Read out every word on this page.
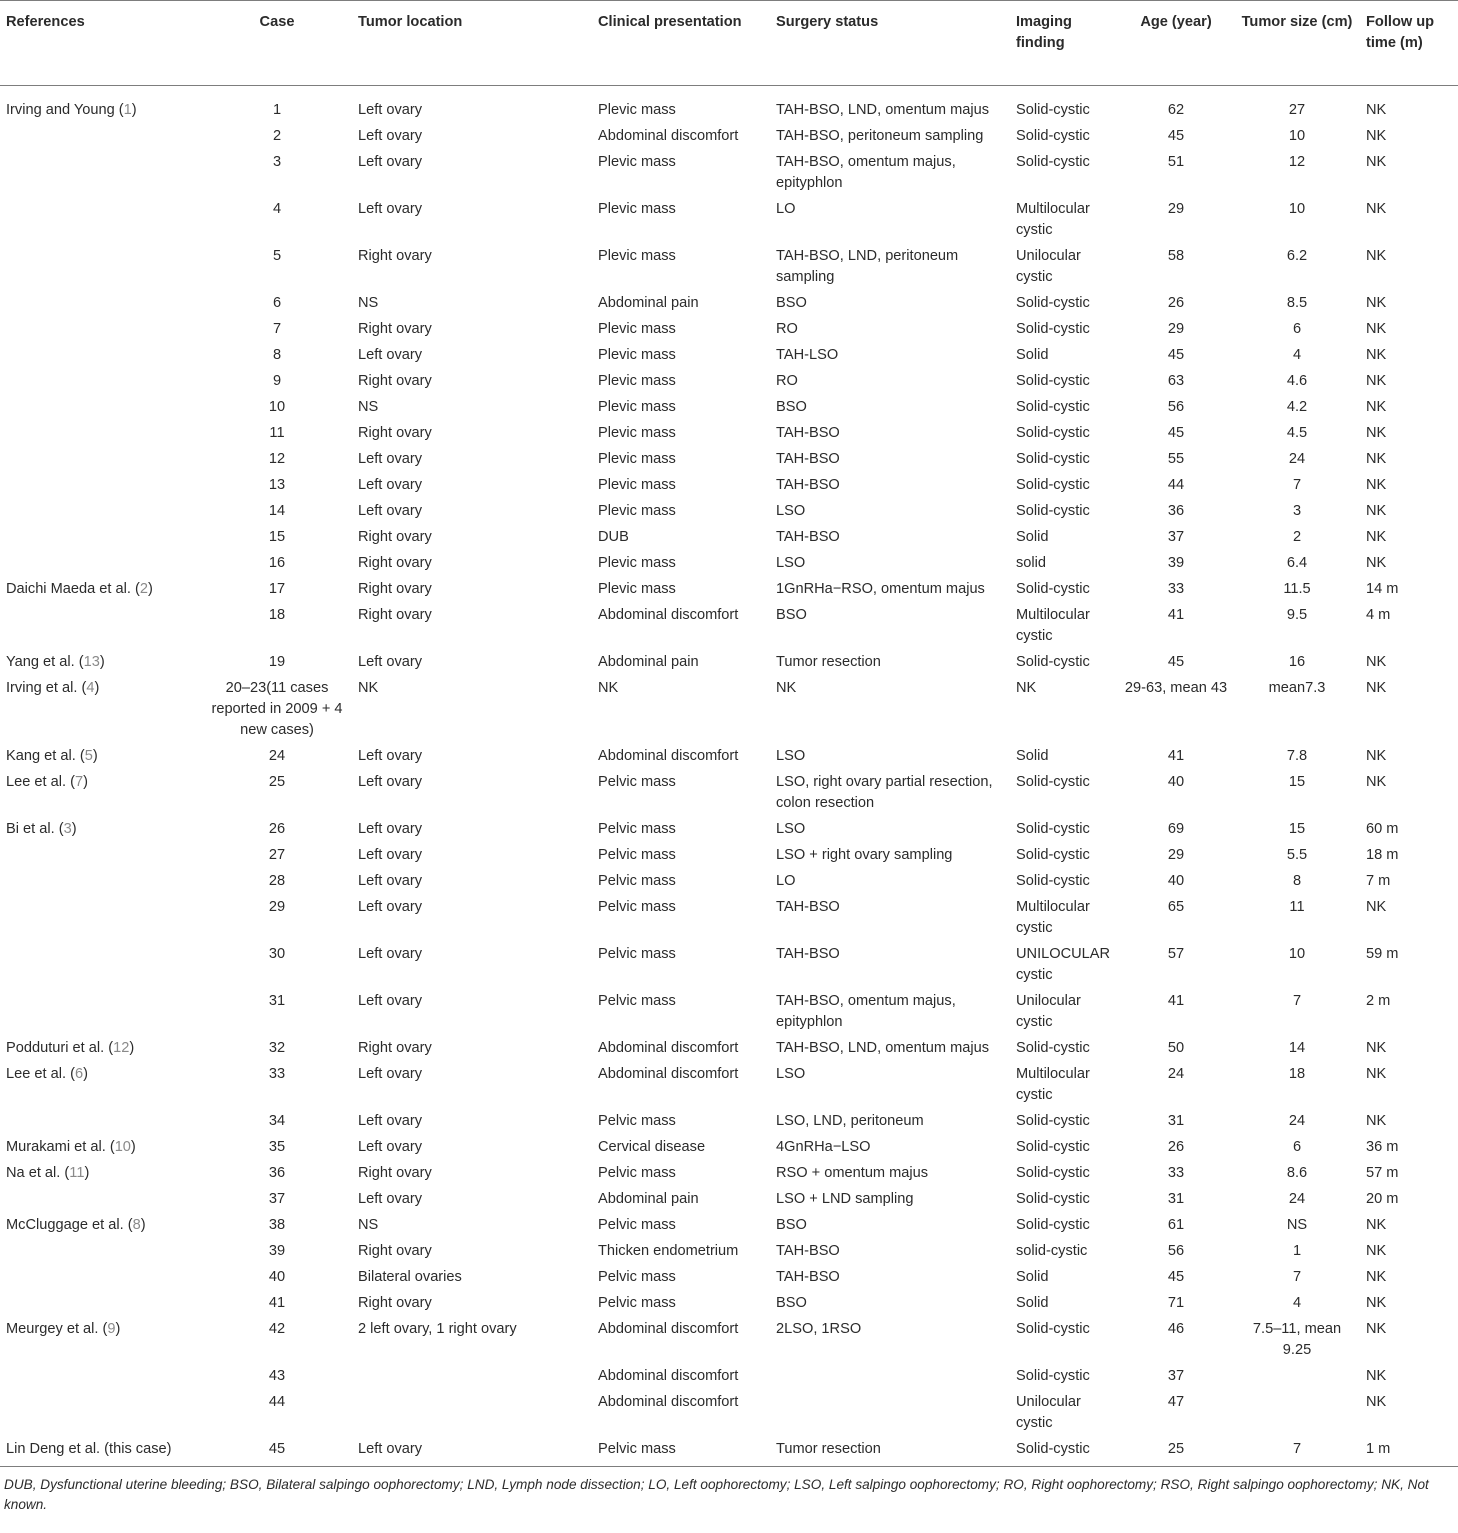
References	Case	Tumor location	Clinical presentation	Surgery status	Imaging finding	Age (year)	Tumor size (cm)	Follow up time (m)
Irving and Young (1)	1	Left ovary	Plevic mass	TAH-BSO, LND, omentum majus	Solid-cystic	62	27	NK
	2	Left ovary	Abdominal discomfort	TAH-BSO, peritoneum sampling	Solid-cystic	45	10	NK
	3	Left ovary	Plevic mass	TAH-BSO, omentum majus, epityphlon	Solid-cystic	51	12	NK
	4	Left ovary	Plevic mass	LO	Multilocular cystic	29	10	NK
	5	Right ovary	Plevic mass	TAH-BSO, LND, peritoneum sampling	Unilocular cystic	58	6.2	NK
	6	NS	Abdominal pain	BSO	Solid-cystic	26	8.5	NK
	7	Right ovary	Plevic mass	RO	Solid-cystic	29	6	NK
	8	Left ovary	Plevic mass	TAH-LSO	Solid	45	4	NK
	9	Right ovary	Plevic mass	RO	Solid-cystic	63	4.6	NK
	10	NS	Plevic mass	BSO	Solid-cystic	56	4.2	NK
	11	Right ovary	Plevic mass	TAH-BSO	Solid-cystic	45	4.5	NK
	12	Left ovary	Plevic mass	TAH-BSO	Solid-cystic	55	24	NK
	13	Left ovary	Plevic mass	TAH-BSO	Solid-cystic	44	7	NK
	14	Left ovary	Plevic mass	LSO	Solid-cystic	36	3	NK
	15	Right ovary	DUB	TAH-BSO	Solid	37	2	NK
	16	Right ovary	Plevic mass	LSO	solid	39	6.4	NK
Daichi Maeda et al. (2)	17	Right ovary	Plevic mass	1GnRHa−RSO, omentum majus	Solid-cystic	33	11.5	14 m
	18	Right ovary	Abdominal discomfort	BSO	Multilocular cystic	41	9.5	4 m
Yang et al. (13)	19	Left ovary	Abdominal pain	Tumor resection	Solid-cystic	45	16	NK
Irving et al. (4)	20–23(11 cases reported in 2009 + 4 new cases)	NK	NK	NK	NK	29-63, mean 43	mean7.3	NK
Kang et al. (5)	24	Left ovary	Abdominal discomfort	LSO	Solid	41	7.8	NK
Lee et al. (7)	25	Left ovary	Pelvic mass	LSO, right ovary partial resection, colon resection	Solid-cystic	40	15	NK
Bi et al. (3)	26	Left ovary	Pelvic mass	LSO	Solid-cystic	69	15	60 m
	27	Left ovary	Pelvic mass	LSO + right ovary sampling	Solid-cystic	29	5.5	18 m
	28	Left ovary	Pelvic mass	LO	Solid-cystic	40	8	7 m
	29	Left ovary	Pelvic mass	TAH-BSO	Multilocular cystic	65	11	NK
	30	Left ovary	Pelvic mass	TAH-BSO	UNILOCULAR cystic	57	10	59 m
	31	Left ovary	Pelvic mass	TAH-BSO, omentum majus, epityphlon	Unilocular cystic	41	7	2 m
Podduturi et al. (12)	32	Right ovary	Abdominal discomfort	TAH-BSO, LND, omentum majus	Solid-cystic	50	14	NK
Lee et al. (6)	33	Left ovary	Abdominal discomfort	LSO	Multilocular cystic	24	18	NK
	34	Left ovary	Pelvic mass	LSO, LND, peritoneum	Solid-cystic	31	24	NK
Murakami et al. (10)	35	Left ovary	Cervical disease	4GnRHa−LSO	Solid-cystic	26	6	36 m
Na et al. (11)	36	Right ovary	Pelvic mass	RSO + omentum majus	Solid-cystic	33	8.6	57 m
	37	Left ovary	Abdominal pain	LSO + LND sampling	Solid-cystic	31	24	20 m
McCluggage et al. (8)	38	NS	Pelvic mass	BSO	Solid-cystic	61	NS	NK
	39	Right ovary	Thicken endometrium	TAH-BSO	solid-cystic	56	1	NK
	40	Bilateral ovaries	Pelvic mass	TAH-BSO	Solid	45	7	NK
	41	Right ovary	Pelvic mass	BSO	Solid	71	4	NK
Meurgey et al. (9)	42	2 left ovary, 1 right ovary	Abdominal discomfort	2LSO, 1RSO	Solid-cystic	46	7.5–11, mean 9.25	NK
	43		Abdominal discomfort		Solid-cystic	37		NK
	44		Abdominal discomfort		Unilocular cystic	47		NK
Lin Deng et al. (this case)	45	Left ovary	Pelvic mass	Tumor resection	Solid-cystic	25	7	1 m
DUB, Dysfunctional uterine bleeding; BSO, Bilateral salpingo oophorectomy; LND, Lymph node dissection; LO, Left oophorectomy; LSO, Left salpingo oophorectomy; RO, Right oophorectomy; RSO, Right salpingo oophorectomy; NK, Not known.
